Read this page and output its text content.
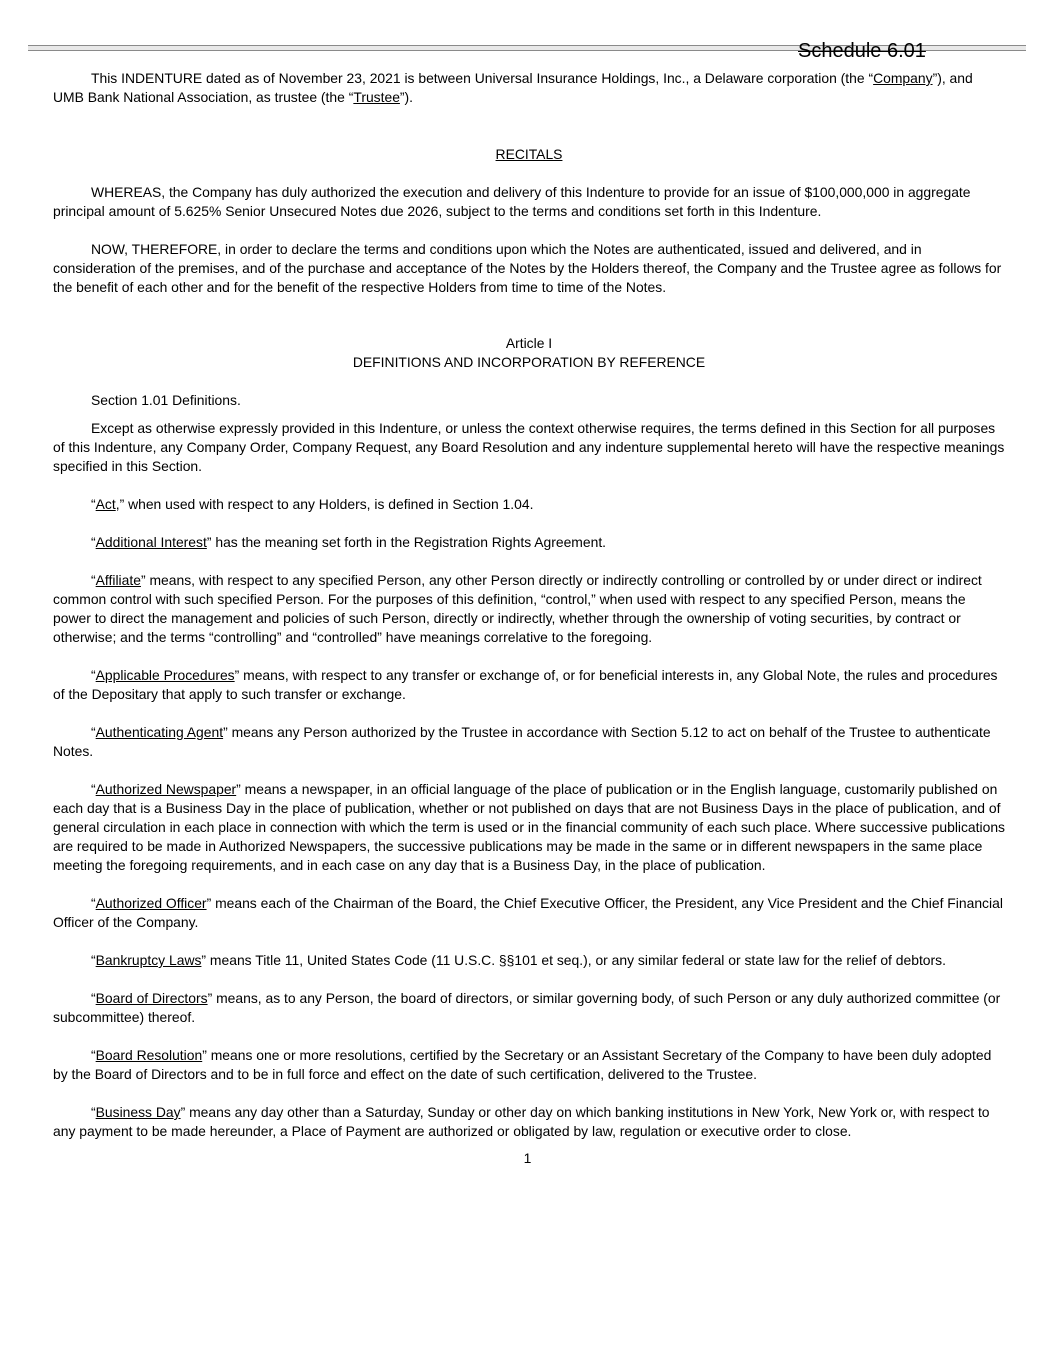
Schedule 6.01

This INDENTURE dated as of November 23, 2021 is between Universal Insurance Holdings, Inc., a Delaware corporation (the “Company”), and UMB Bank National Association, as trustee (the “Trustee”).

RECITALS

WHEREAS, the Company has duly authorized the execution and delivery of this Indenture to provide for an issue of $100,000,000 in aggregate principal amount of 5.625% Senior Unsecured Notes due 2026, subject to the terms and conditions set forth in this Indenture.

NOW, THEREFORE, in order to declare the terms and conditions upon which the Notes are authenticated, issued and delivered, and in consideration of the premises, and of the purchase and acceptance of the Notes by the Holders thereof, the Company and the Trustee agree as follows for the benefit of each other and for the benefit of the respective Holders from time to time of the Notes.

Article I

DEFINITIONS AND INCORPORATION BY REFERENCE

Section 1.01 Definitions.

Except as otherwise expressly provided in this Indenture, or unless the context otherwise requires, the terms defined in this Section for all purposes of this Indenture, any Company Order, Company Request, any Board Resolution and any indenture supplemental hereto will have the respective meanings specified in this Section.

“Act,” when used with respect to any Holders, is defined in Section 1.04.

“Additional Interest” has the meaning set forth in the Registration Rights Agreement.

“Affiliate” means, with respect to any specified Person, any other Person directly or indirectly controlling or controlled by or under direct or indirect common control with such specified Person. For the purposes of this definition, “control,” when used with respect to any specified Person, means the power to direct the management and policies of such Person, directly or indirectly, whether through the ownership of voting securities, by contract or otherwise; and the terms “controlling” and “controlled” have meanings correlative to the foregoing.

“Applicable Procedures” means, with respect to any transfer or exchange of, or for beneficial interests in, any Global Note, the rules and procedures of the Depositary that apply to such transfer or exchange.

“Authenticating Agent” means any Person authorized by the Trustee in accordance with Section 5.12 to act on behalf of the Trustee to authenticate Notes.

“Authorized Newspaper” means a newspaper, in an official language of the place of publication or in the English language, customarily published on each day that is a Business Day in the place of publication, whether or not published on days that are not Business Days in the place of publication, and of general circulation in each place in connection with which the term is used or in the financial community of each such place. Where successive publications are required to be made in Authorized Newspapers, the successive publications may be made in the same or in different newspapers in the same place meeting the foregoing requirements, and in each case on any day that is a Business Day, in the place of publication.

“Authorized Officer” means each of the Chairman of the Board, the Chief Executive Officer, the President, any Vice President and the Chief Financial Officer of the Company.

“Bankruptcy Laws” means Title 11, United States Code (11 U.S.C. §§101 et seq.), or any similar federal or state law for the relief of debtors.

“Board of Directors” means, as to any Person, the board of directors, or similar governing body, of such Person or any duly authorized committee (or subcommittee) thereof.

“Board Resolution” means one or more resolutions, certified by the Secretary or an Assistant Secretary of the Company to have been duly adopted by the Board of Directors and to be in full force and effect on the date of such certification, delivered to the Trustee.

“Business Day” means any day other than a Saturday, Sunday or other day on which banking institutions in New York, New York or, with respect to any payment to be made hereunder, a Place of Payment are authorized or obligated by law, regulation or executive order to close.

1
